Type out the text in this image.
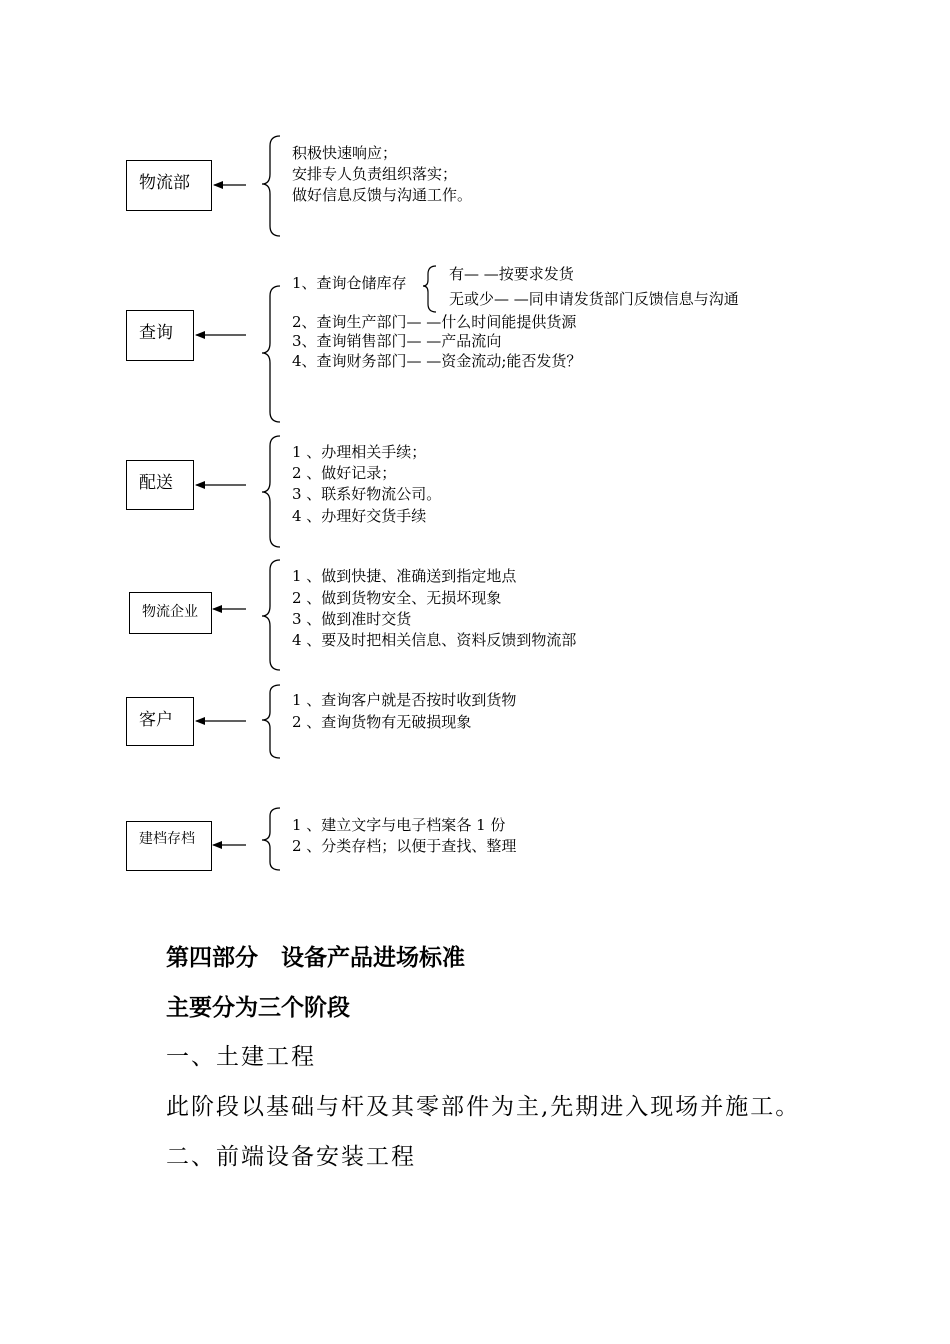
物流部
积极快速响应；
安排专人负责组织落实；
做好信息反馈与沟通工作。
查询
1、查询仓储库存	有— —按要求发货
无或少— —同申请发货部门反馈信息与沟通
2、查询生产部门— —什么时间能提供货源
3、查询销售部门— —产品流向
4、查询财务部门— —资金流动;能否发货？
配送
1 、办理相关手续；
2 、做好记录；
3 、联系好物流公司。
4 、办理好交货手续
物流企业
1 、做到快捷、准确送到指定地点
2 、做到货物安全、无损坏现象
3 、做到准时交货
4 、要及时把相关信息、资料反馈到物流部
客户
1 、查询客户就是否按时收到货物
2 、查询货物有无破损现象
建档存档
1 、建立文字与电子档案各 1 份
2 、分类存档；以便于查找、整理
第四部分　设备产品进场标准
主要分为三个阶段
一、土建工程
此阶段以基础与杆及其零部件为主,先期进入现场并施工。
二、前端设备安装工程
